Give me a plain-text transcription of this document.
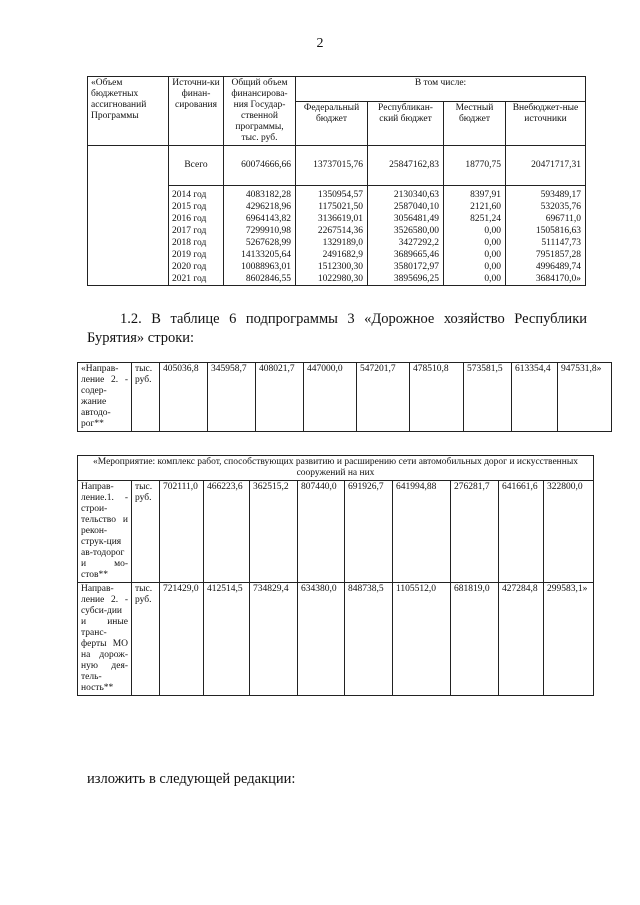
2
«Объем бюджетных ассигнований Программы	Источни-ки финан-сирования	Общий объем финансирова-ния Государ-ственной программы, тыс. руб.	В том числе:			
			Федеральный бюджет	Республикан-ский бюджет	Местный бюджет	Внебюджет-ные источники
	Всего	60074666,66	13737015,76	25847162,83	18770,75	20471717,31
	2014 год	4083182,28	1350954,57	2130340,63	8397,91	593489,17
	2015 год	4296218,96	1175021,50	2587040,10	2121,60	532035,76
	2016 год	6964143,82	3136619,01	3056481,49	8251,24	696711,0
	2017 год	7299910,98	2267514,36	3526580,00	0,00	1505816,63
	2018 год	5267628,99	1329189,0	3427292,2	0,00	511147,73
	2019 год	14133205,64	2491682,9	3689665,46	0,00	7951857,28
	2020 год	10088963,01	1512300,30	3580172,97	0,00	4996489,74
	2021 год	8602846,55	1022980,30	3895696,25	0,00	3684170,0»
1.2. В таблице 6 подпрограммы 3 «Дорожное хозяйство Республики Бурятия» строки:
«Направ-ление 2. - содер-жание автодо-рог**	тыс. руб.	405036,8	345958,7	408021,7	447000,0	547201,7	478510,8	573581,5	613354,4	947531,8»
«Мероприятие: комплекс работ, способствующих развитию и расширению сети автомобильных дорог и искусственных сооружений на них										
Направ-ление.1. - строи-тельство и рекон-струк-ция ав-тодорог и мо-стов**	тыс. руб.	702111,0	466223,6	362515,2	807440,0	691926,7	641994,88	276281,7	641661,6	322800,0
Направ-ление 2. - субси-дии и иные транс-ферты МО на дорож-ную дея-тель-ность**	тыс. руб.	721429,0	412514,5	734829,4	634380,0	848738,5	1105512,0	681819,0	427284,8	299583,1»
изложить в следующей редакции:
